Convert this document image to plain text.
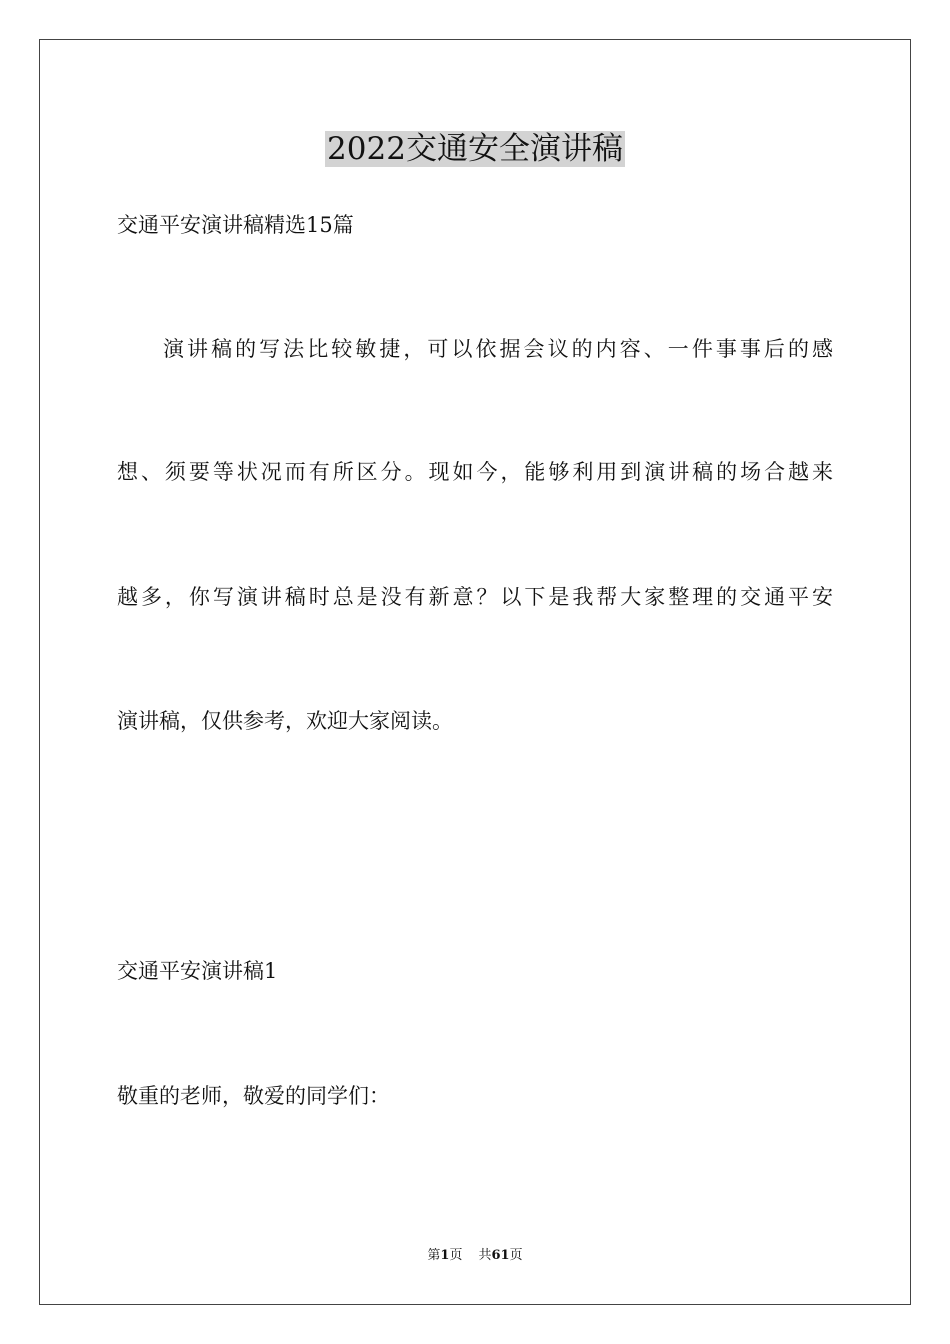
2022交通安全演讲稿
交通平安演讲稿精选15篇
演讲稿的写法比较敏捷，可以依据会议的内容、一件事事后的感
想、须要等状况而有所区分。现如今，能够利用到演讲稿的场合越来
越多，你写演讲稿时总是没有新意？以下是我帮大家整理的交通平安
演讲稿，仅供参考，欢迎大家阅读。
交通平安演讲稿1
敬重的老师，敬爱的同学们：
第1页 共61页
